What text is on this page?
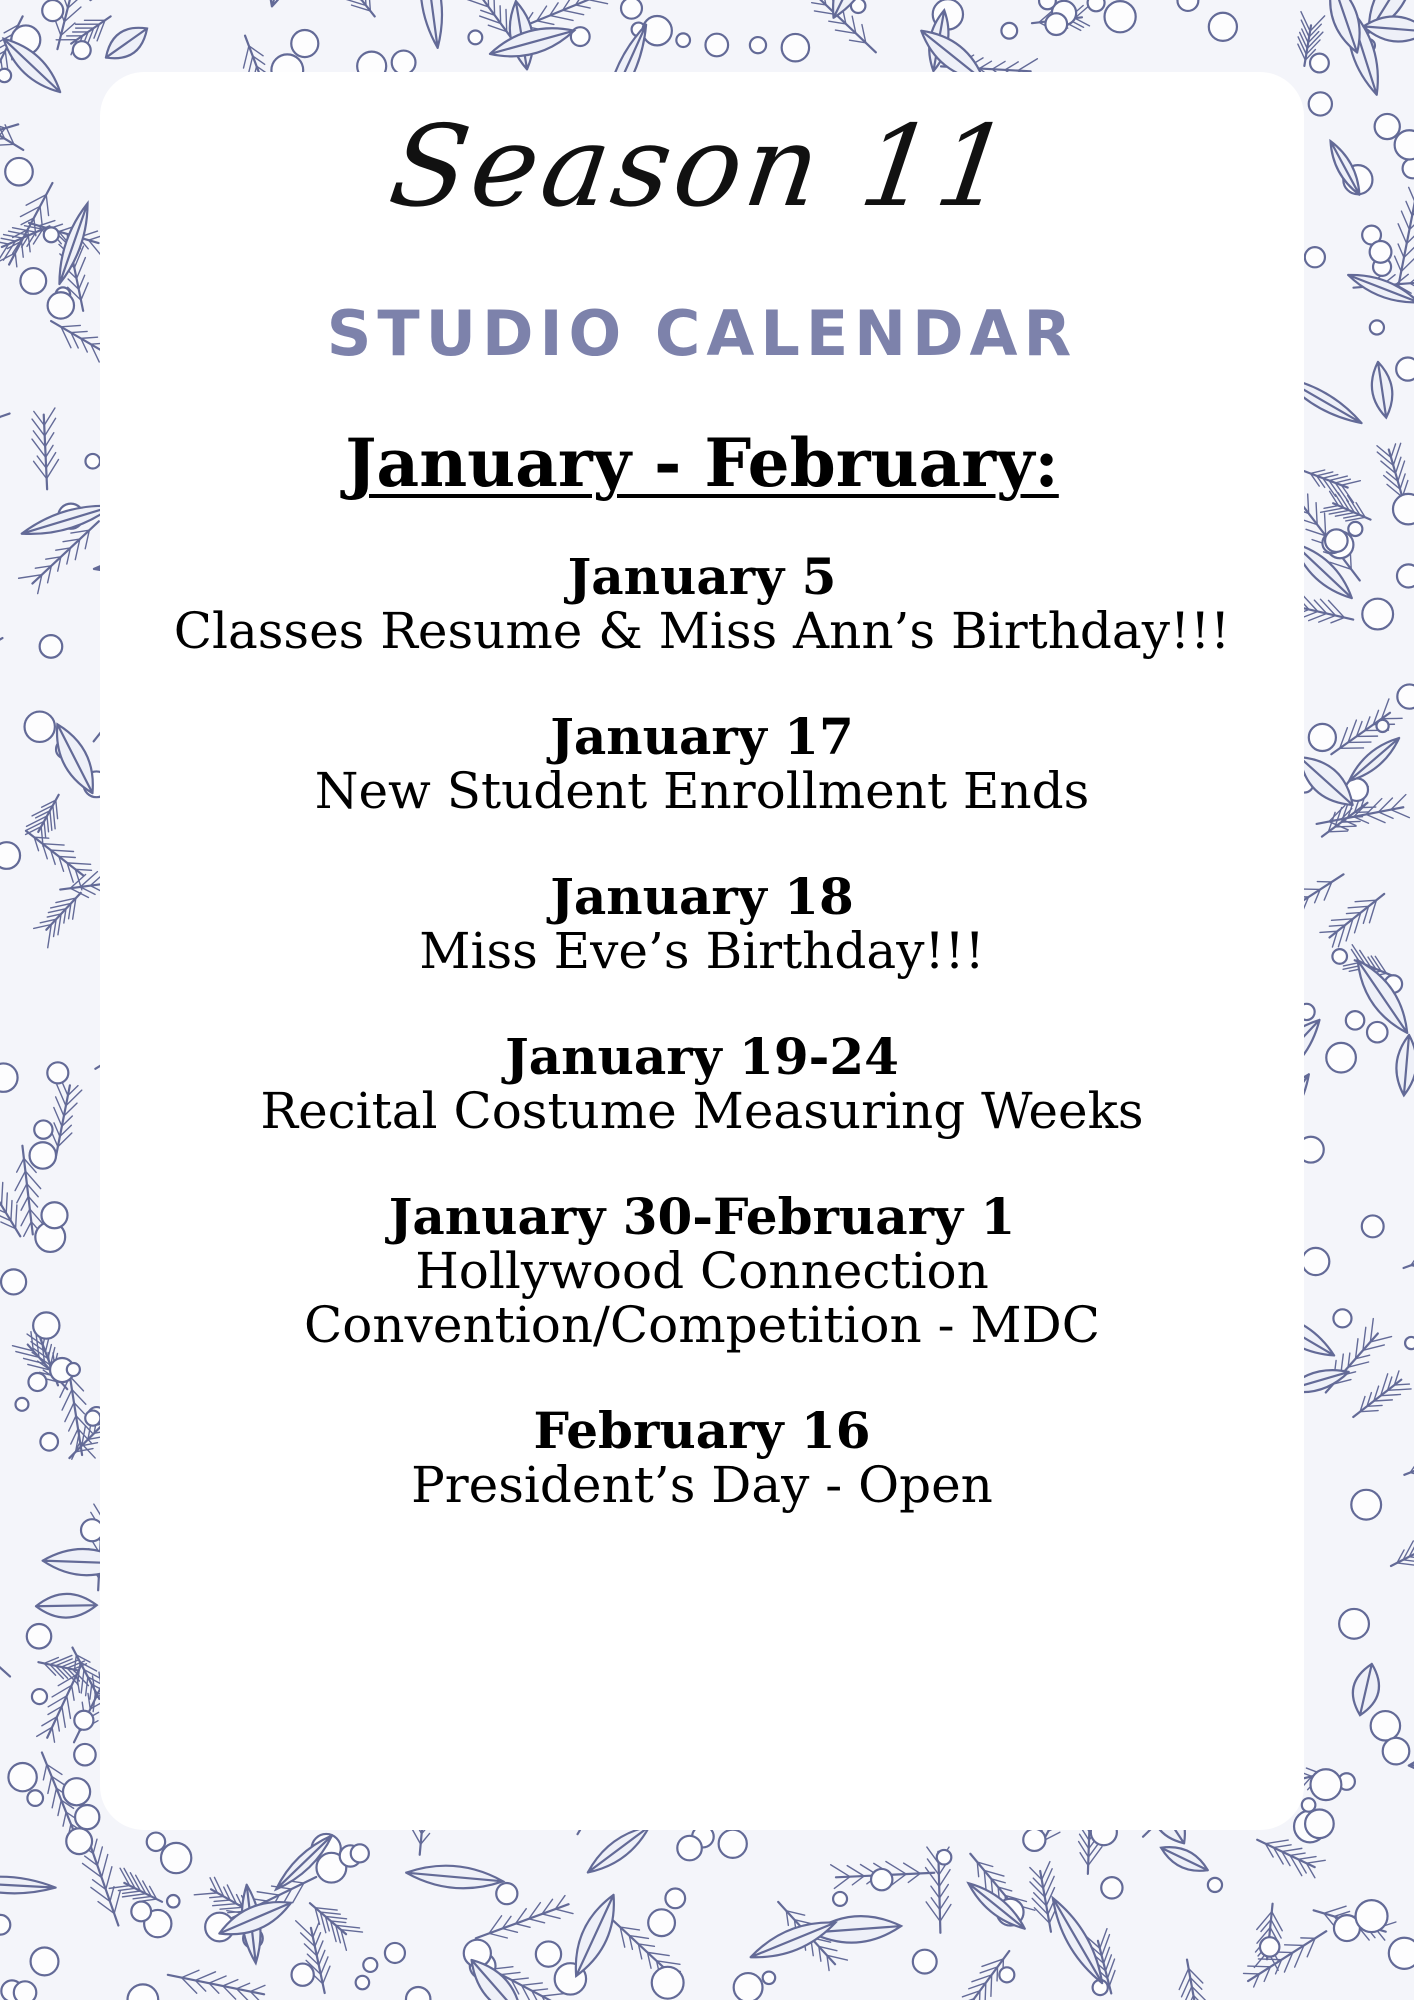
Season 11
STUDIO CALENDAR
January - February:
January 5
Classes Resume & Miss Ann’s Birthday!!!
January 17
New Student Enrollment Ends
January 18
Miss Eve’s Birthday!!!
January 19-24
Recital Costume Measuring Weeks
January 30-February 1
Hollywood Connection
Convention/Competition - MDC
February 16
President’s Day - Open
